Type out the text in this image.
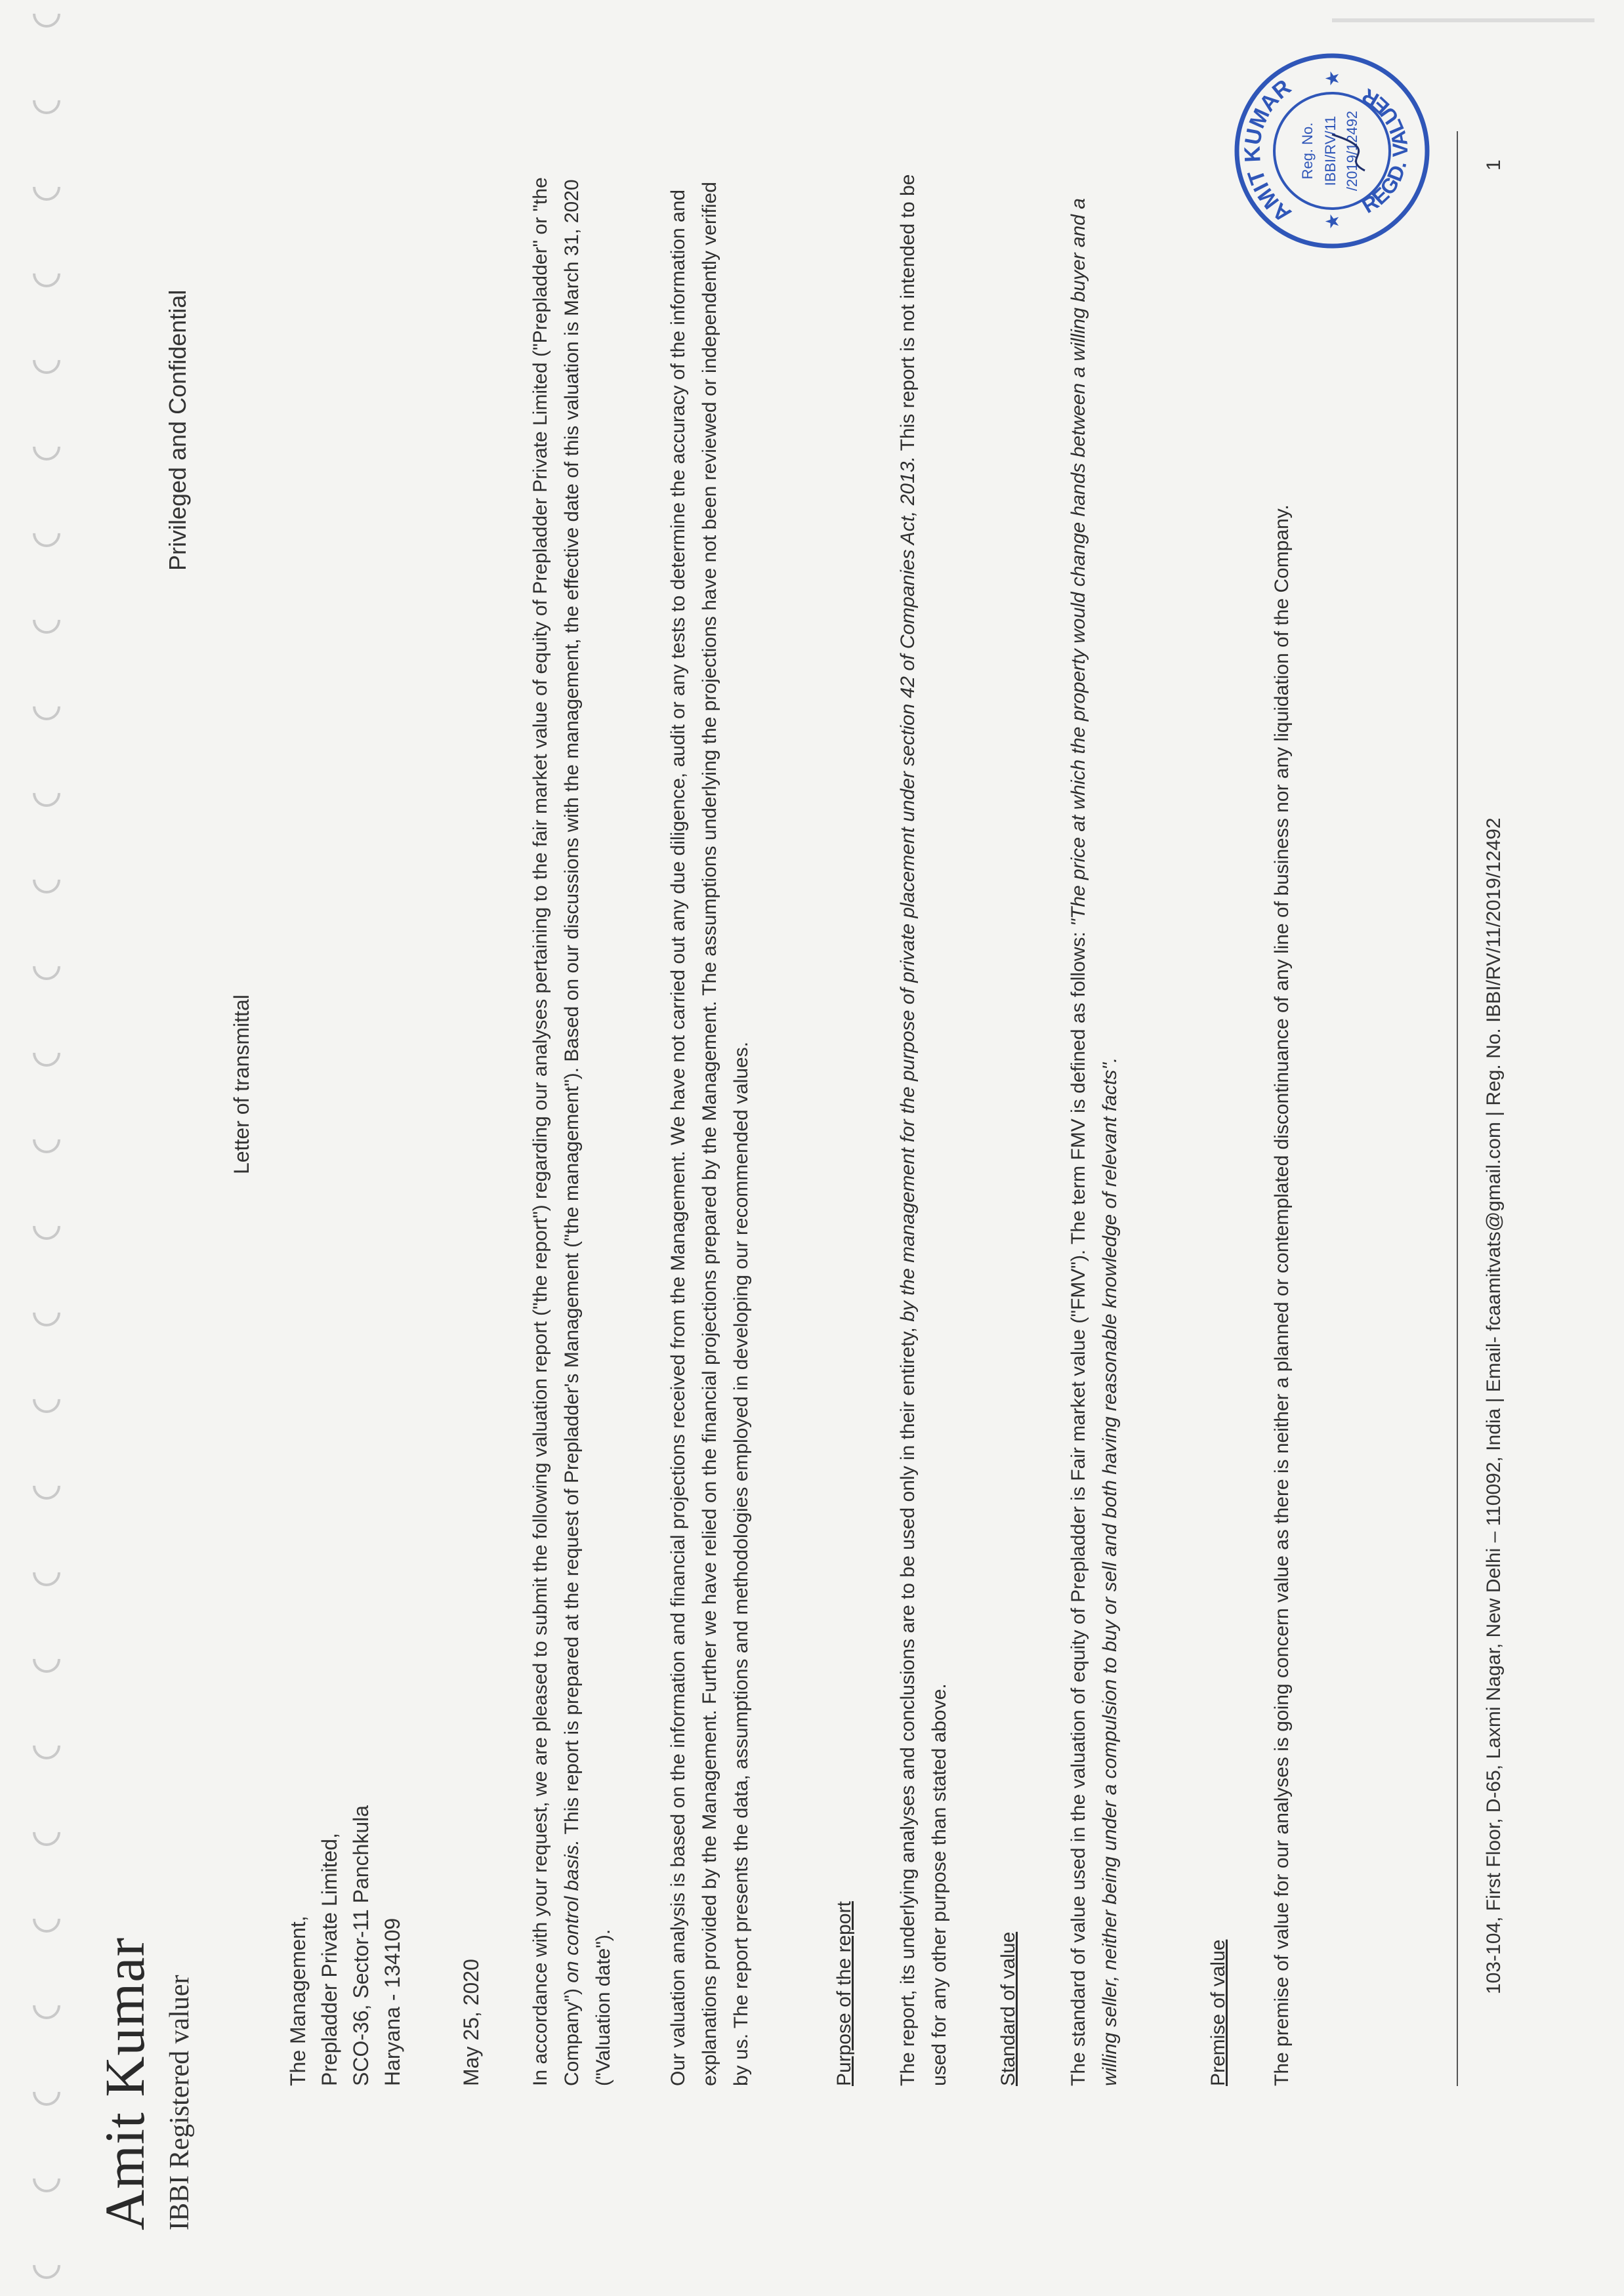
Amit Kumar IBBI Registered valuer
Privileged and Confidential
Letter of transmittal
The Management, Prepladder Private Limited, SCO-36, Sector-11 Panchkula Haryana - 134109	May 25, 2020 In accordance with your request, we are pleased to submit the following valuation report ("the report") regarding our analyses pertaining to the fair market value of equity of Prepladder Private Limited ("Prepladder" or "the Company") on control basis. This report is prepared at the request of Prepladder's Management ("the management"). Based on our discussions with the management, the effective date of this valuation is March 31, 2020 ("Valuation date").	Our valuation analysis is based on the information and financial projections received from the Management. We have not carried out any due diligence, audit or any tests to determine the accuracy of the information and explanations provided by the Management. Further we have relied on the financial projections prepared by the Management. The assumptions underlying the projections have not been reviewed or independently verified by us. The report presents the data, assumptions and methodologies employed in developing our recommended values.	Purpose of the report The report, its underlying analyses and conclusions are to be used only in their entirety, by the management for the purpose of private placement under section 42 of Companies Act, 2013. This report is not intended to be used for any other purpose than stated above. Standard of value The standard of value used in the valuation of equity of Prepladder is Fair market value ("FMV"). The term FMV is defined as follows: "The price at which the property would change hands between a willing buyer and a willing seller, neither being under a compulsion to buy or sell and both having reasonable knowledge of relevant facts".	Premise of value The premise of value for our analyses is going concern value as there is neither a planned or contemplated discontinuance of any line of business nor any liquidation of the Company.	103-104, First Floor, D-65, Laxmi Nagar, New Delhi – 110092, India | Email- fcaamitvats@gmail.com | Reg. No. IBBI/RV/11/2019/12492
1
AMIT KUMAR
REGD. VALUER
★
★
Reg. No. IBBI/RV/11 /2019/12492
